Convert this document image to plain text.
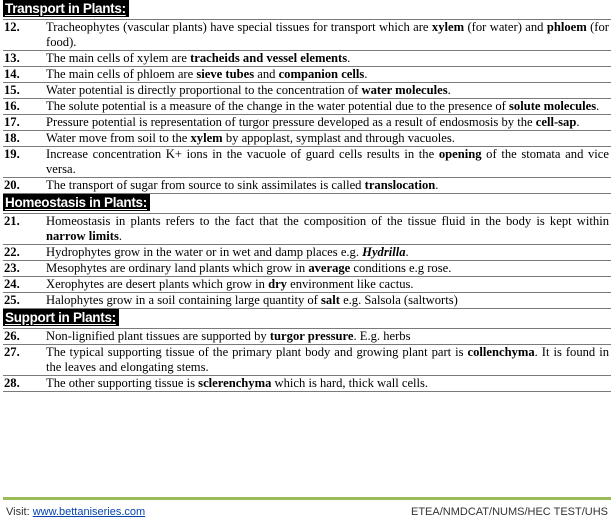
Transport in Plants:
12.	Tracheophytes (vascular plants) have special tissues for transport which are xylem (for water) and phloem (for food).
13.	The main cells of xylem are tracheids and vessel elements.
14.	The main cells of phloem are sieve tubes and companion cells.
15.	Water potential is directly proportional to the concentration of water molecules.
16.	The solute potential is a measure of the change in the water potential due to the presence of solute molecules.
17.	Pressure potential is representation of turgor pressure developed as a result of endosmosis by the cell-sap.
18.	Water move from soil to the xylem by appoplast, symplast and through vacuoles.
19.	Increase concentration K+ ions in the vacuole of guard cells results in the opening of the stomata and vice versa.
20.	The transport of sugar from source to sink assimilates is called translocation.
Homeostasis in Plants:
21.	Homeostasis in plants refers to the fact that the composition of the tissue fluid in the body is kept within narrow limits.
22.	Hydrophytes grow in the water or in wet and damp places e.g. Hydrilla.
23.	Mesophytes are ordinary land plants which grow in average conditions e.g rose.
24.	Xerophytes are desert plants which grow in dry environment like cactus.
25.	Halophytes grow in a soil containing large quantity of salt e.g. Salsola (saltworts)
Support in Plants:
26.	Non-lignified plant tissues are supported by turgor pressure. E.g. herbs
27.	The typical supporting tissue of the primary plant body and growing plant part is collenchyma. It is found in the leaves and elongating stems.
28.	The other supporting tissue is sclerenchyma which is hard, thick wall cells.
Visit: www.bettaniseries.com	ETEA/NMDCAT/NUMS/HEC TEST/UHS
